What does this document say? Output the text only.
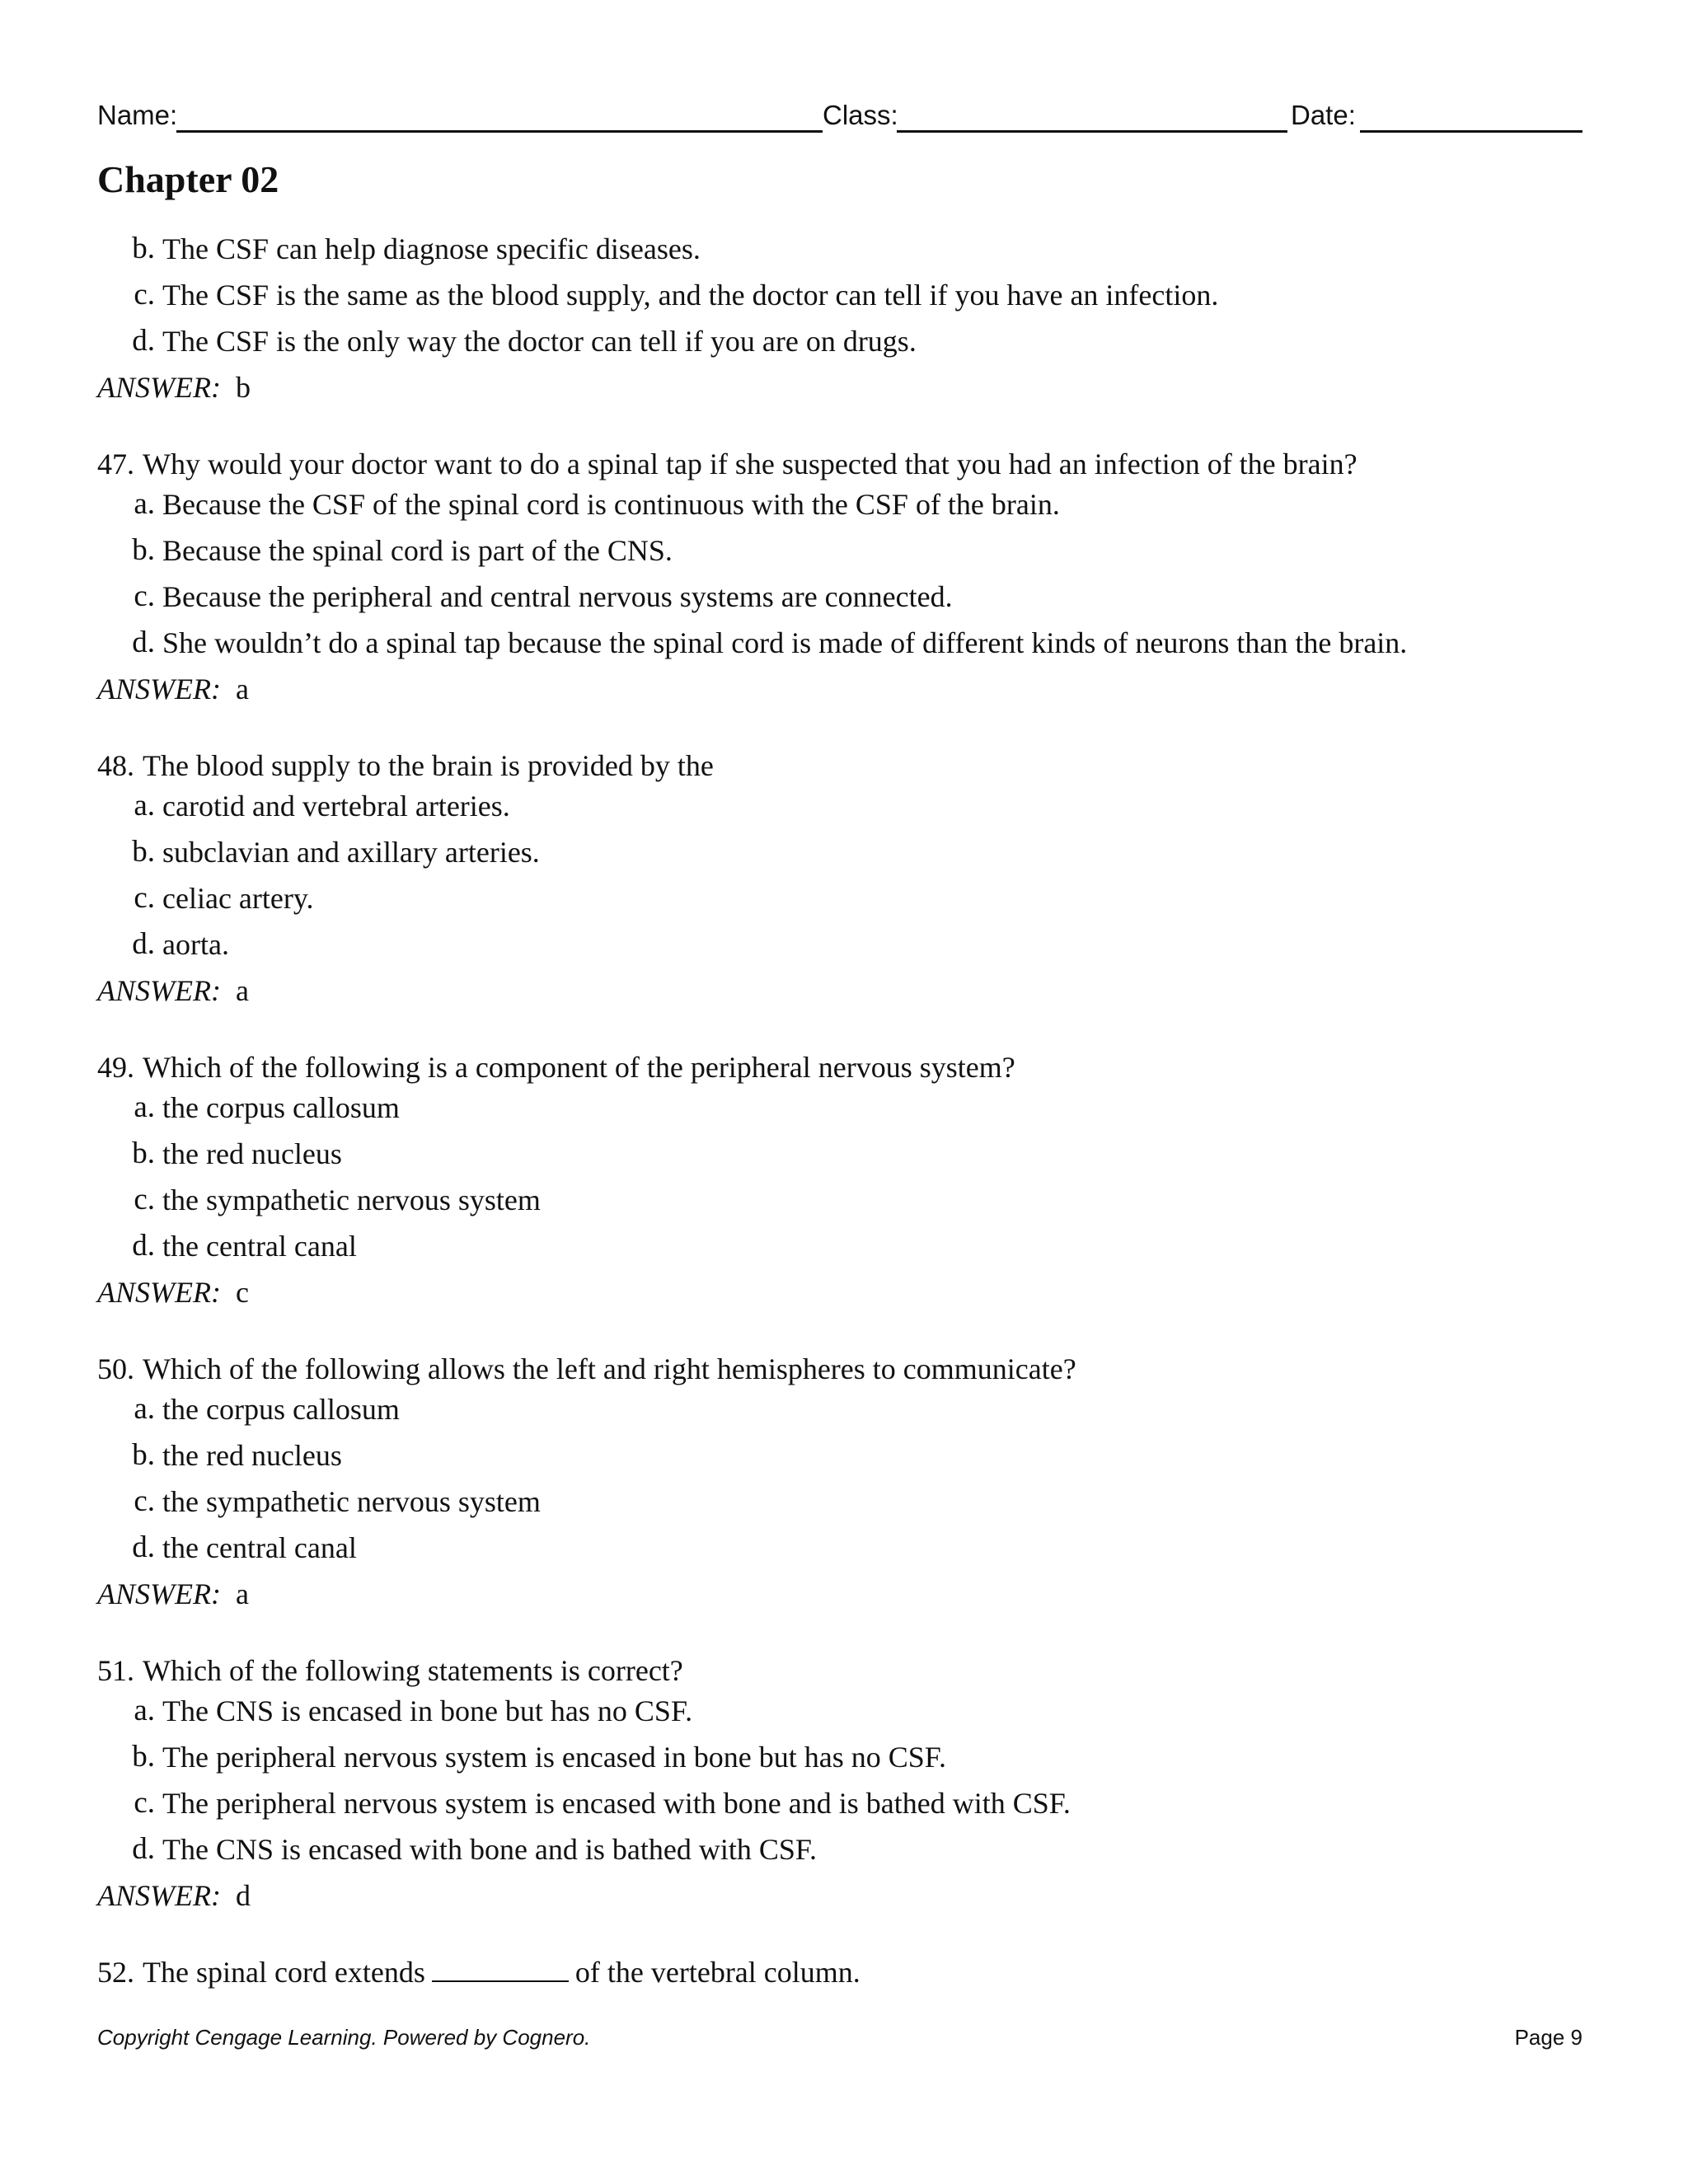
Name:	Class:	Date:
Chapter 02
b. The CSF can help diagnose specific diseases.
c. The CSF is the same as the blood supply, and the doctor can tell if you have an infection.
d. The CSF is the only way the doctor can tell if you are on drugs.
ANSWER: b
47. Why would your doctor want to do a spinal tap if she suspected that you had an infection of the brain?
a. Because the CSF of the spinal cord is continuous with the CSF of the brain.
b. Because the spinal cord is part of the CNS.
c. Because the peripheral and central nervous systems are connected.
d. She wouldn’t do a spinal tap because the spinal cord is made of different kinds of neurons than the brain.
ANSWER: a
48. The blood supply to the brain is provided by the
a. carotid and vertebral arteries.
b. subclavian and axillary arteries.
c. celiac artery.
d. aorta.
ANSWER: a
49. Which of the following is a component of the peripheral nervous system?
a. the corpus callosum
b. the red nucleus
c. the sympathetic nervous system
d. the central canal
ANSWER: c
50. Which of the following allows the left and right hemispheres to communicate?
a. the corpus callosum
b. the red nucleus
c. the sympathetic nervous system
d. the central canal
ANSWER: a
51. Which of the following statements is correct?
a. The CNS is encased in bone but has no CSF.
b. The peripheral nervous system is encased in bone but has no CSF.
c. The peripheral nervous system is encased with bone and is bathed with CSF.
d. The CNS is encased with bone and is bathed with CSF.
ANSWER: d
52. The spinal cord extends	of the vertebral column.
Copyright Cengage Learning. Powered by Cognero.	Page 9
